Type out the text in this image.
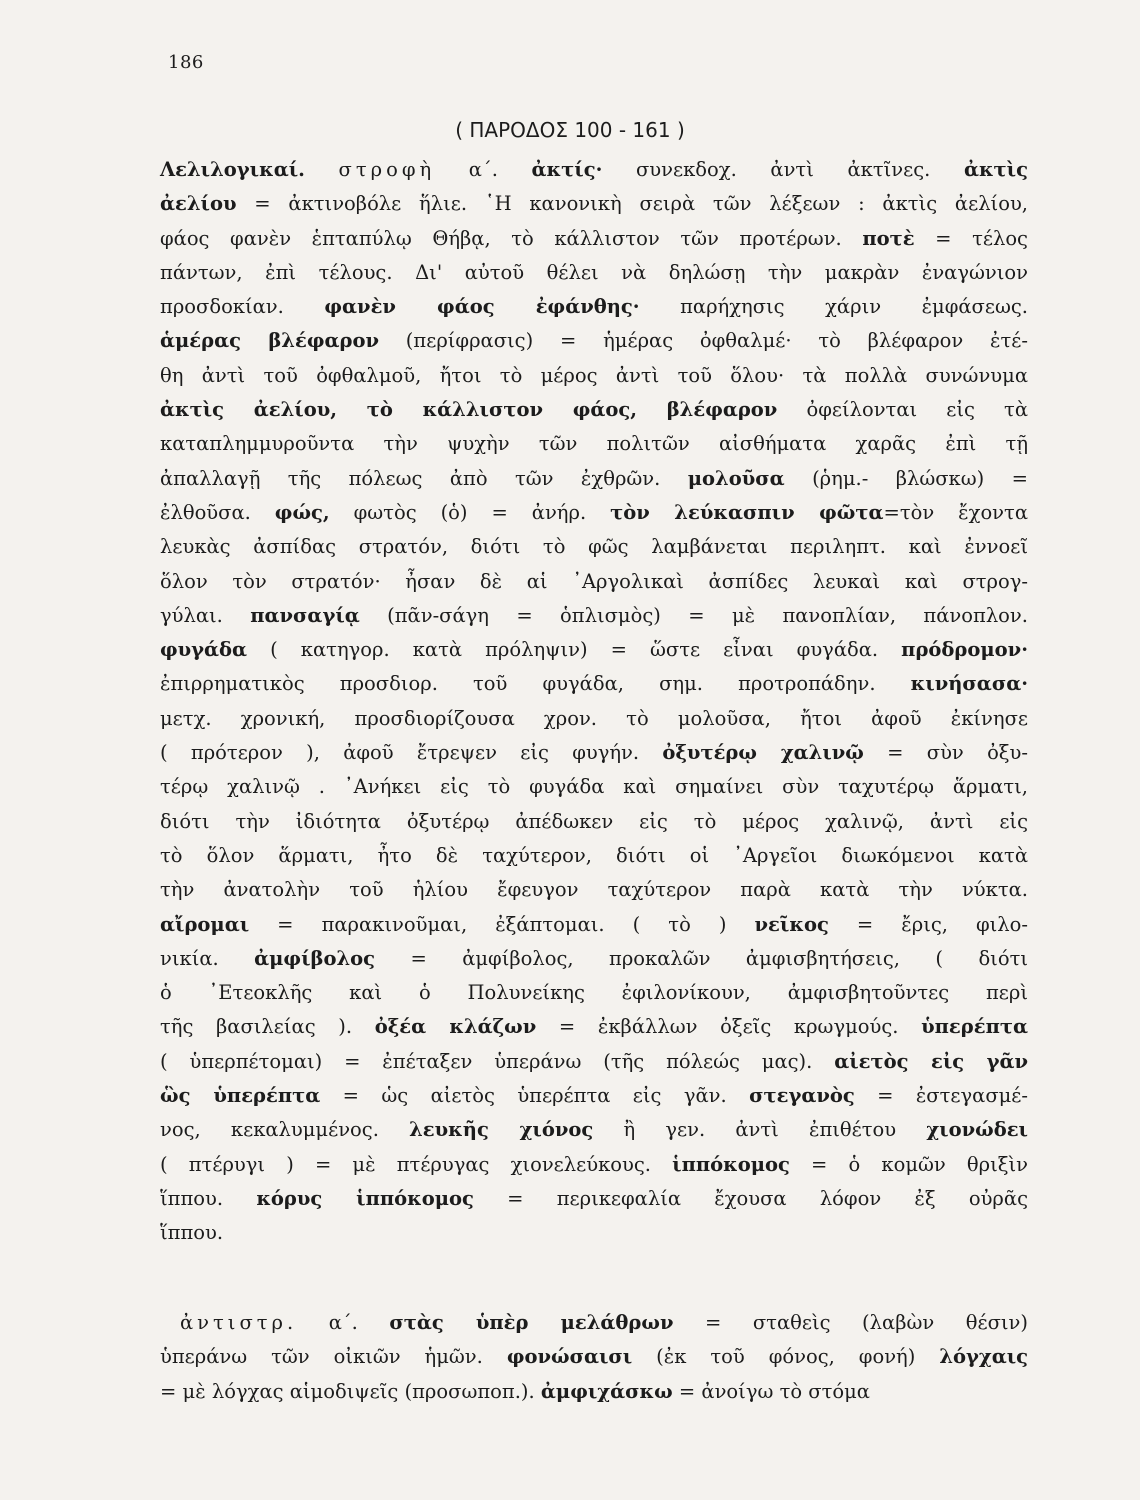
186
( ΠΑΡΟΔΟΣ 100 - 161 )
Λελιλογικαί. στροφὴ α΄. ἀκτίς· συνεκδοχ. ἀντὶ ἀκτῖνες. ἀκτὶς
ἀελίου = ἀκτινοβόλε ἥλιε. ῾Η κανονικὴ σειρὰ τῶν λέξεων : ἀκτὶς ἀελίου,
φάος φανὲν ἑπταπύλῳ Θήβᾳ, τὸ κάλλιστον τῶν προτέρων. ποτὲ = τέλος
πάντων, ἐπὶ τέλους. Δι' αὐτοῦ θέλει νὰ δηλώσῃ τὴν μακρὰν ἐναγώνιον
προσδοκίαν. φανὲν φάος ἐφάνθης· παρήχησις χάριν ἐμφάσεως.
ἁμέρας βλέφαρον (περίφρασις) = ἡμέρας ὀφθαλμέ· τὸ βλέφαρον ἐτέ-
θη ἀντὶ τοῦ ὀφθαλμοῦ, ἤτοι τὸ μέρος ἀντὶ τοῦ ὅλου· τὰ πολλὰ συνώνυμα
ἀκτὶς ἀελίου, τὸ κάλλιστον φάος, βλέφαρον ὀφείλονται εἰς τὰ
καταπλημμυροῦντα τὴν ψυχὴν τῶν πολιτῶν αἰσθήματα χαρᾶς ἐπὶ τῇ
ἀπαλλαγῇ τῆς πόλεως ἀπὸ τῶν ἐχθρῶν. μολοῦσα (ῥημ.- βλώσκω) =
ἐλθοῦσα. φώς, φωτὸς (ὁ) = ἀνήρ. τὸν λεύκασπιν φῶτα=τὸν ἔχοντα
λευκὰς ἀσπίδας στρατόν, διότι τὸ φῶς λαμβάνεται περιληπτ. καὶ ἐννοεῖ
ὅλον τὸν στρατόν· ἦσαν δὲ αἱ ᾿Αργολικαὶ ἀσπίδες λευκαὶ καὶ στρογ-
γύλαι. πανσαγίᾳ (πᾶν-σάγη = ὁπλισμὸς) = μὲ πανοπλίαν, πάνοπλον.
φυγάδα ( κατηγορ. κατὰ πρόληψιν) = ὥστε εἶναι φυγάδα. πρόδρομον·
ἐπιρρηματικὸς προσδιορ. τοῦ φυγάδα, σημ. προτροπάδην. κινήσασα·
μετχ. χρονική, προσδιορίζουσα χρον. τὸ μολοῦσα, ἤτοι ἀφοῦ ἐκίνησε
( πρότερον ), ἀφοῦ ἔτρεψεν εἰς φυγήν. ὀξυτέρῳ χαλινῷ = σὺν ὀξυ-
τέρῳ χαλινῷ . ᾿Ανήκει εἰς τὸ φυγάδα καὶ σημαίνει σὺν ταχυτέρῳ ἅρματι,
διότι τὴν ἰδιότητα ὀξυτέρῳ ἀπέδωκεν εἰς τὸ μέρος χαλινῷ, ἀντὶ εἰς
τὸ ὅλον ἅρματι, ἦτο δὲ ταχύτερον, διότι οἱ ᾿Αργεῖοι διωκόμενοι κατὰ
τὴν ἀνατολὴν τοῦ ἡλίου ἔφευγον ταχύτερον παρὰ κατὰ τὴν νύκτα.
αἴρομαι = παρακινοῦμαι, ἐξάπτομαι. ( τὸ ) νεῖκος = ἔρις, φιλο-
νικία. ἀμφίβολος = ἀμφίβολος, προκαλῶν ἀμφισβητήσεις, ( διότι
ὁ ᾿Ετεοκλῆς καὶ ὁ Πολυνείκης ἐφιλονίκουν, ἀμφισβητοῦντες περὶ
τῆς βασιλείας ). ὀξέα κλάζων = ἐκβάλλων ὀξεῖς κρωγμούς. ὑπερέπτα
( ὑπερπέτομαι) = ἐπέταξεν ὑπεράνω (τῆς πόλεώς μας). αἰετὸς εἰς γᾶν
ὣς ὑπερέπτα = ὡς αἰετὸς ὑπερέπτα εἰς γᾶν. στεγανὸς = ἐστεγασμέ-
νος, κεκαλυμμένος. λευκῆς χιόνος ἢ γεν. ἀντὶ ἐπιθέτου χιονώδει
( πτέρυγι ) = μὲ πτέρυγας χιονελεύκους. ἱππόκομος = ὁ κομῶν θριξὶν
ἵππου. κόρυς ἱππόκομος = περικεφαλία ἔχουσα λόφον ἐξ οὐρᾶς
ἵππου.
ἀντιστρ. α΄. στὰς ὑπὲρ μελάθρων = σταθεὶς (λαβὼν θέσιν)
ὑπεράνω τῶν οἰκιῶν ἡμῶν. φονώσαισι (ἐκ τοῦ φόνος, φονή) λόγχαις
= μὲ λόγχας αἱμοδιψεῖς (προσωποπ.). ἀμφιχάσκω = ἀνοίγω τὸ στόμα
